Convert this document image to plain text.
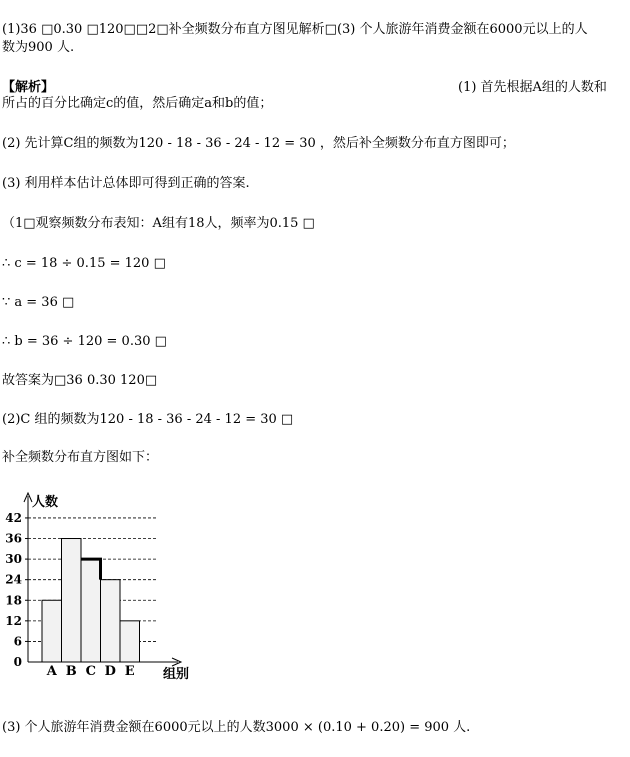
(1)36 □0.30 □120□□2□补全频数分布直方图见解析□(3) 个人旅游年消费金额在6000元以上的人
数为900 人.
【解析】	(1) 首先根据A组的人数和
所占的百分比确定c的值，然后确定a和b的值；
(2) 先计算C组的频数为120 - 18 - 36 - 24 - 12 = 30 ，然后补全频数分布直方图即可；
(3) 利用样本估计总体即可得到正确的答案.
（1□观察频数分布表知：A组有18人，频率为0.15 □
∴ c = 18 ÷ 0.15 = 120 □
∵ a = 36 □
∴ b = 36 ÷ 120 = 0.30 □
故答案为□36 0.30 120□
(2)C 组的频数为120 - 18 - 36 - 24 - 12 = 30 □
补全频数分布直方图如下：
0
6
12
18
24
30
36
42
人数
组别
A B C D E
(3) 个人旅游年消费金额在6000元以上的人数3000 × (0.10 + 0.20) = 900 人.
